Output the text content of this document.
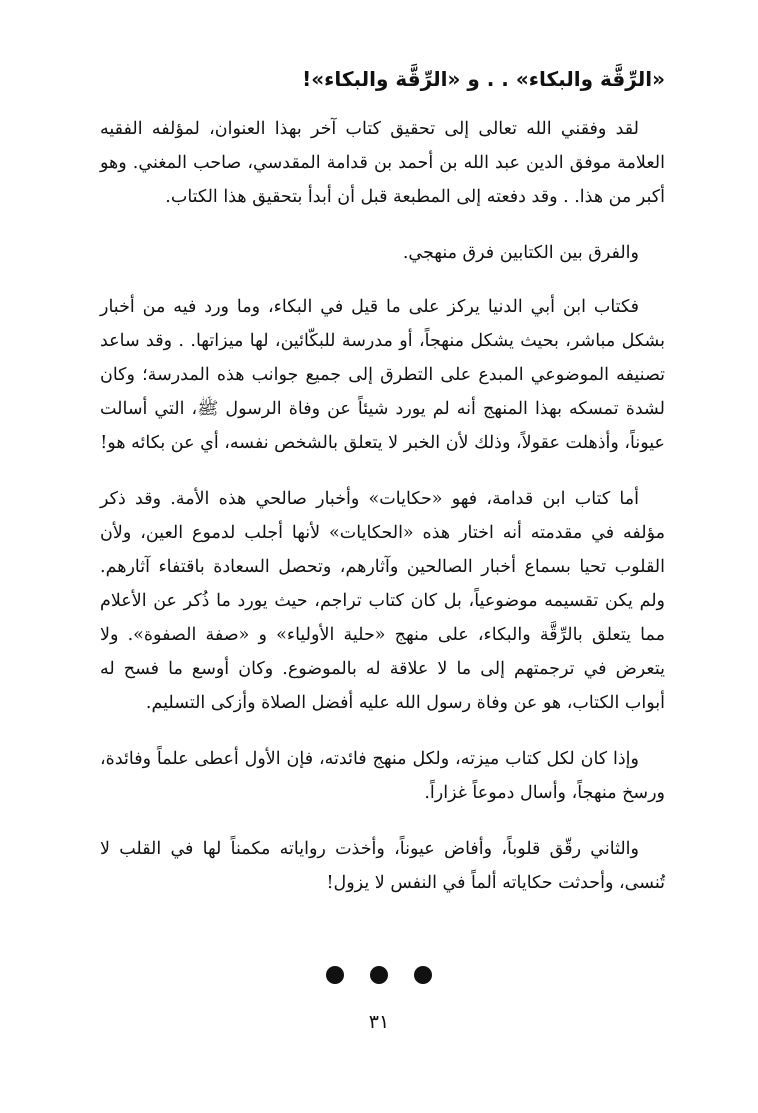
«الرِّقَّة والبكاء» . . و «الرِّقَّة والبكاء»!

لقد وفقني الله تعالى إلى تحقيق كتاب آخر بهذا العنوان، لمؤلفه الفقيه العلامة موفق الدين عبد الله بن أحمد بن قدامة المقدسي، صاحب المغني. وهو أكبر من هذا. . وقد دفعته إلى المطبعة قبل أن أبدأ بتحقيق هذا الكتاب.

والفرق بين الكتابين فرق منهجي.

فكتاب ابن أبي الدنيا يركز على ما قيل في البكاء، وما ورد فيه من أخبار بشكل مباشر، بحيث يشكل منهجاً، أو مدرسة للبكّائين، لها ميزاتها. . وقد ساعد تصنيفه الموضوعي المبدع على التطرق إلى جميع جوانب هذه المدرسة؛ وكان لشدة تمسكه بهذا المنهج أنه لم يورد شيئاً عن وفاة الرسول ﷺ، التي أسالت عيوناً، وأذهلت عقولاً، وذلك لأن الخبر لا يتعلق بالشخص نفسه، أي عن بكائه هو!

أما كتاب ابن قدامة، فهو «حكايات» وأخبار صالحي هذه الأمة. وقد ذكر مؤلفه في مقدمته أنه اختار هذه «الحكايات» لأنها أجلب لدموع العين، ولأن القلوب تحيا بسماع أخبار الصالحين وآثارهم، وتحصل السعادة باقتفاء آثارهم. ولم يكن تقسيمه موضوعياً، بل كان كتاب تراجم، حيث يورد ما ذُكر عن الأعلام مما يتعلق بالرِّقَّة والبكاء، على منهج «حلية الأولياء» و «صفة الصفوة». ولا يتعرض في ترجمتهم إلى ما لا علاقة له بالموضوع. وكان أوسع ما فسح له أبواب الكتاب، هو عن وفاة رسول الله عليه أفضل الصلاة وأزكى التسليم.

وإذا كان لكل كتاب ميزته، ولكل منهج فائدته، فإن الأول أعطى علماً وفائدة، ورسخ منهجاً، وأسال دموعاً غزاراً.

والثاني رقّق قلوباً، وأفاض عيوناً، وأخذت رواياته مكمناً لها في القلب لا تُنسى، وأحدثت حكاياته ألماً في النفس لا يزول!

٣١
